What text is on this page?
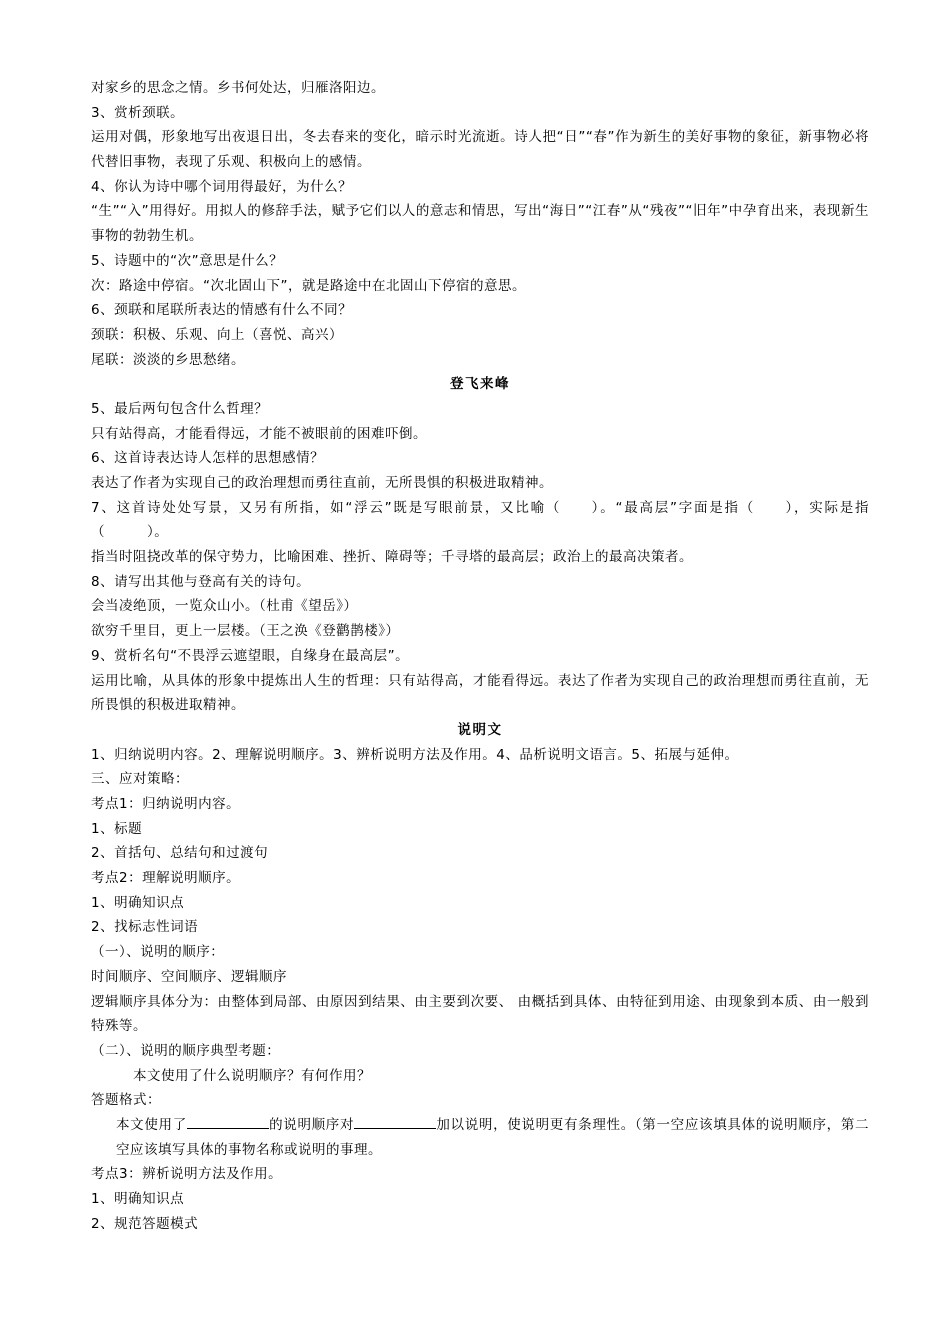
对家乡的思念之情。乡书何处达，归雁洛阳边。
3、赏析颈联。
运用对偶，形象地写出夜退日出，冬去春来的变化，暗示时光流逝。诗人把“日”“春”作为新生的美好事物的象征，新事物必将代替旧事物，表现了乐观、积极向上的感情。
4、你认为诗中哪个词用得最好，为什么？
“生”“入”用得好。用拟人的修辞手法，赋予它们以人的意志和情思，写出“海日”“江春”从“残夜”“旧年”中孕育出来，表现新生事物的勃勃生机。
5、诗题中的“次”意思是什么？
次：路途中停宿。“次北固山下”，就是路途中在北固山下停宿的意思。
6、颈联和尾联所表达的情感有什么不同？
颈联：积极、乐观、向上（喜悦、高兴）
尾联：淡淡的乡思愁绪。
登飞来峰
5、最后两句包含什么哲理？
只有站得高，才能看得远，才能不被眼前的困难吓倒。
6、这首诗表达诗人怎样的思想感情？
表达了作者为实现自己的政治理想而勇往直前，无所畏惧的积极进取精神。
7、这首诗处处写景，又另有所指，如“浮云”既是写眼前景，又比喻（　　）。“最高层”字面是指（　　），实际是指（　　　）。
指当时阻挠改革的保守势力，比喻困难、挫折、障碍等；千寻塔的最高层；政治上的最高决策者。
8、请写出其他与登高有关的诗句。
会当凌绝顶，一览众山小。（杜甫《望岳》）
欲穷千里目，更上一层楼。（王之涣《登鹳鹊楼》）
9、赏析名句“不畏浮云遮望眼，自缘身在最高层”。
运用比喻，从具体的形象中提炼出人生的哲理：只有站得高，才能看得远。表达了作者为实现自己的政治理想而勇往直前，无所畏惧的积极进取精神。
说明文
1、归纳说明内容。2、理解说明顺序。3、辨析说明方法及作用。4、品析说明文语言。5、拓展与延伸。
三、应对策略：
考点1：归纳说明内容。
1、标题
2、首括句、总结句和过渡句
考点2：理解说明顺序。
1、明确知识点
2、找标志性词语
（一）、说明的顺序：
时间顺序、空间顺序、逻辑顺序
逻辑顺序具体分为：由整体到局部、由原因到结果、由主要到次要、 由概括到具体、由特征到用途、由现象到本质、由一般到特殊等。
（二）、说明的顺序典型考题：
本文使用了什么说明顺序？有何作用？
答题格式：
本文使用了	的说明顺序对	加以说明，使说明更有条理性。（第一空应该填具体的说明顺序，第二空应该填写具体的事物名称或说明的事理。
考点3：辨析说明方法及作用。
1、明确知识点
2、规范答题模式
